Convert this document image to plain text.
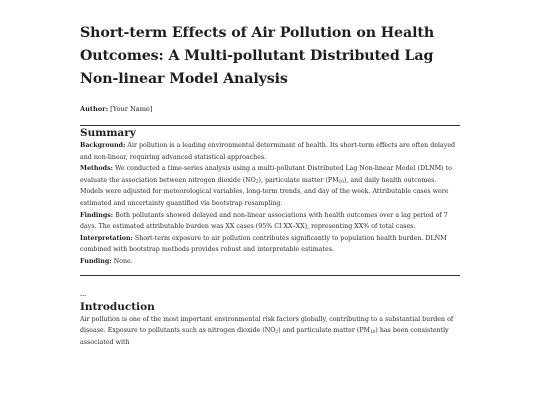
Short-term Effects of Air Pollution on Health Outcomes: A Multi-pollutant Distributed Lag Non-linear Model Analysis
Author: [Your Name]
Summary

Background: Air pollution is a leading environmental determinant of health. Its short-term effects are often delayed and non-linear, requiring advanced statistical approaches.

Methods: We conducted a time-series analysis using a multi-pollutant Distributed Lag Non-linear Model (DLNM) to evaluate the association between nitrogen dioxide $(NO_2)$, particulate matter $(PM_{10})$, and daily health outcomes. Models were adjusted for meteorological variables, long-term trends, and day of the week. Attributable cases were estimated and uncertainty quantified via bootstrap resampling.

Findings: Both pollutants showed delayed and non-linear associations with health outcomes over a lag period of 7 days. The estimated attributable burden was XX cases (95% CI XX–XX), representing XX% of total cases.

Interpretation: Short-term exposure to air pollution contributes significantly to population health burden. DLNM combined with bootstrap methods provides robust and interpretable estimates.

Funding: None.

---
Introduction

Air pollution is one of the most important environmental risk factors globally, contributing to a substantial burden of disease. Exposure to pollutants such as nitrogen dioxide $(NO_2)$ and particulate matter $(PM_{10})$ has been consistently associated with
